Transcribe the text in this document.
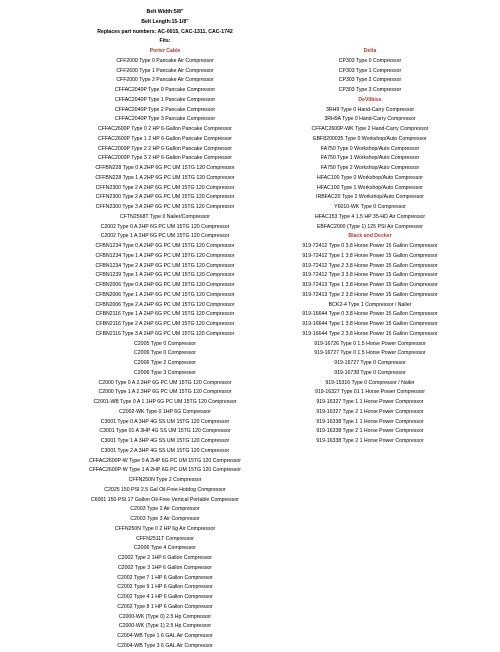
Belt Width:5/8"
Belt Length:15-1/8"
Replaces part numbers: AC-0015, CAC-1311, CAC-1742
Fits:
Porter Cable
CFF2000 Type 0 Pancake Air Compressor
CFF2600 Type 1 Pancake Air Compressor
CFF2000 Type 2 Pancake Air Compressor
CFFAC2040P Type 0 Pancake Compressor
CFFAC2040P Type 1 Pancake Compressor
CFFAC2040P Type 2 Pancake Compressor
CFFAC2040P Type 3 Pancake Compressor
CFFAC2600P Type 0 2 HP 6-Gallon Pancake Compressor
CFFAC2600P Type 1 2 HP 6-Gallon Pancake Compressor
CFFAC2000P Type 2 2 HP 6-Gallon Pancake Compressor
CFFAC2000P Type 3 2 HP 6-Gallon Pancake Compressor
CFFBN228 Type 0 A 2HP 6G PC UM 15TG 120 Compressor
CFFBN228 Type 1 A 2HP 6G PC UM 15TG 120 Compressor
CFFN2300 Type 2 A 2HP 6G PC UM 15TG 120 Compressor
CFFN2300 Type 2 A 2HP 6G PC UM 15TG 120 Compressor
CFFN2300 Type 3 A 2HP 6G PC UM 15TG 120 Compressor
CFTN2568T Type 0 Nailer/Compressor
C2002 Type 0 A 2HP 6G PC UM 15TG 120 Compressor
C2002 Type 1 A 2HP 6G PC UM 15TG 120 Compressor
CFBN1234 Type 0 A 2HP 6G PC UM 15TG 120 Compressor
CFBN1234 Type 1 A 2HP 6G PC UM 15TG 120 Compressor
CFBN1234 Type 2 A 2HP 6G PC UM 15TG 120 Compressor
CFBN1239 Type 1 A 2HP 6G PC UM 15TG 120 Compressor
CFBN2006 Type 0 A 2HP 6G PC UM 15TG 120 Compressor
CFBN2006 Type 1 A 2HP 6G PC UM 15TG 120 Compressor
CFBN2006 Type 2 A 2HP 6G PC UM 15TG 120 Compressor
CFBN2116 Type 1 A 2HP 6G PC UM 15TG 120 Compressor
CFBN2116 Type 2 A 2HP 6G PC UM 15TG 120 Compressor
CFBN2116 Type 3 A 2HP 6G PC UM 15TG 120 Compressor
C2005 Type 0 Compressor
C2006 Type 0 Compressor
C2006 Type 2 Compressor
C2006 Type 3 Compressor
C2000 Type 0 A 2.3HP 6G PC UM 15TG 120 Compressor
C2000 Type 1 A 2.3HP 6G PC UM 15TG 120 Compressor
C2001-WB Type 0 A 1.1HP 6G PC UM 15TG 120 Compressor
C2002-WK Type 0 1HP 6G Compressor
C3001 Type 0 A 3HP 4G SS UM 15TG 120 Compressor
C3001 Type 01 A 3HP 4G SS UM 15TG 120 Compressor
C3001 Type 1 A 3HP 4G SS UM 15TG 120 Compressor
C3001 Type 2 A 3HP 4G SS UM 15TG 120 Compressor
CFFAC2600P-W Type 0 A 2HP 6G PC UM 15TG 120 Compressor
CFFAC2600P-W Type 1 A 2HP 6G PC UM 15TG 120 Compressor
CFFN250N Type 2 Compressor
C2025 150 PSI 2.5 Gal Oil-Free Hotdog Compressor
C6001 150 PSI 17 Gallon Oil-Free Vertical Portable Compressor
C2003 Type 2 Air Compressor
C2003 Type 3 Air Compressor
CFFN250N Type 0 2 HP 6g Air Compressor
CFFN2511T Compressor
C2006 Type 4 Compressor
C2002 Type 2 1HP 6 Gallon Compressor
C2002 Type 3 1HP 6 Gallon Compressor
C2002 Type 7 1 HP 6 Gallon Compressor
C2002 Type 9 1 HP 6 Gallon Compressor
C2002 Type 4 1 HP 6 Gallon Compressor
C2002 Type 8 1 HP 6 Gallon Compressor
C2000-WK (Type 0) 2.5 Hp Compressor
C2000-WK (Type 1) 2.5 Hp Compressor
C2004-WB Type 1 6 GAL Air Compressor
C2004-WB Type 3 6 GAL Air Compressor
Delta
CP303 Type 0 Compressor
CP303 Type 1 Compressor
CP303 Type 2 Compressor
CP303 Type 3 Compressor
DeVilbiss
3RH9 Type 0 Hand-Carry Compressor
3RH9A Type 0 Hand-Carry Compressor
CFFAC2600P-WK Type 2 Hand-Carry Compressor
EBF8200035 Type 0 Workshop/Auto Compressor
FA750 Type 0 Workshop/Auto Compressor
FA750 Type 1 Workshop/Auto Compressor
FA750 Type 2 Workshop/Auto Compressor
HFAC100 Type 0 Workshop/Auto Compressor
HFAC100 Type 1 Workshop/Auto Compressor
IRBFAC20 Type 2 Workshop/Auto Compressor
Y6010-WK Type 0 Compressor
HFAC153 Type 4 1.5 HP 35-HD Air Compressor
EBFAC2000 (Type 1) 125 PSI Air Compressor
Black and Decker
919-72412 Type 0 3.8 Horse Power 15 Gallon Compressor
919-72412 Type 1 3.8 Horse Power 15 Gallon Compressor
919-72412 Type 2 3.8 Horse Power 15 Gallon Compressor
919-72412 Type 3 3.8 Horse Power 15 Gallon Compressor
919-72413 Type 1 3.8 Horse Power 15 Gallon Compressor
919-72413 Type 2 3.8 Horse Power 15 Gallon Compressor
BCK2-4 Type 1 Compressor / Nailer
919-16644 Type 0 3.8 Horse Power 15 Gallon Compressor
919-16644 Type 1 3.8 Horse Power 15 Gallon Compressor
919-16644 Type 2 3.8 Horse Power 15 Gallon Compressor
919-16726 Type 0 1.5 Horse Power Compressor
919-16727 Type 0 1.5 Horse Power Compressor
919-16727 Type 0 Compressor
919-16738 Type 0 Compressor
919-15316 Type 0 Compressor / Nailer
919-16327 Type 01 1 Horse Power Compressor
919-16327 Type 1 1 Horse Power Compressor
919-16327 Type 2 1 Horse Power Compressor
919-16338 Type 1 1 Horse Power Compressor
919-16338 Type 2 1 Horse Power Compressor
919-16338 Type 2 1 Horse Power Compressor
